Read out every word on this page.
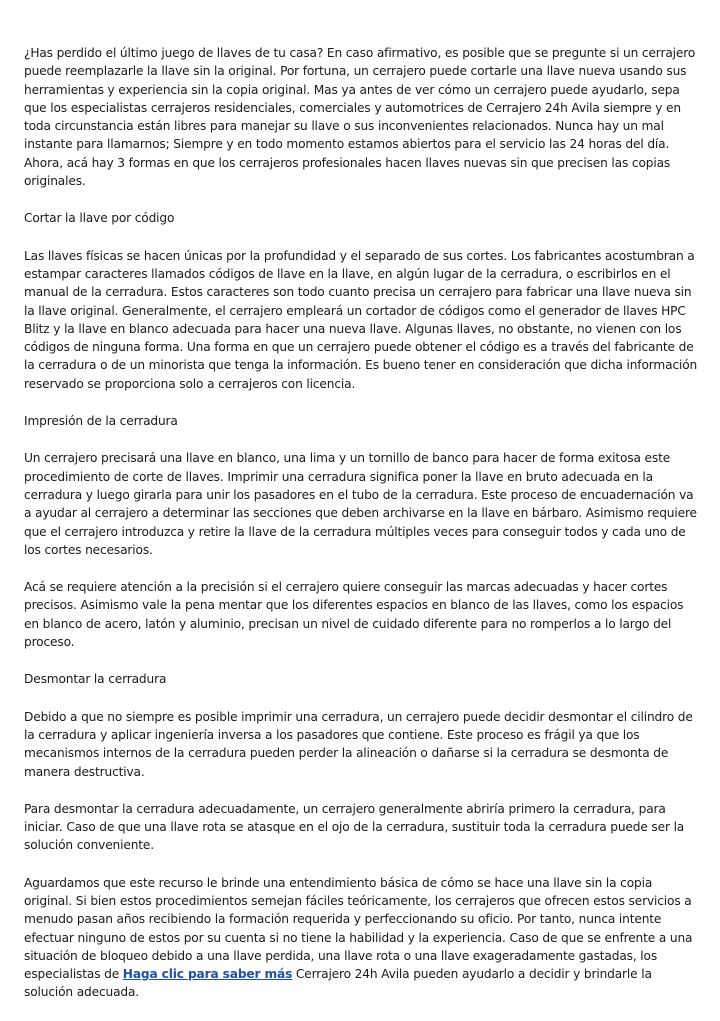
¿Has perdido el último juego de llaves de tu casa? En caso afirmativo, es posible que se pregunte si un cerrajero puede reemplazarle la llave sin la original. Por fortuna, un cerrajero puede cortarle una llave nueva usando sus herramientas y experiencia sin la copia original. Mas ya antes de ver cómo un cerrajero puede ayudarlo, sepa que los especialistas cerrajeros residenciales, comerciales y automotrices de Cerrajero 24h Avila siempre y en toda circunstancia están libres para manejar su llave o sus inconvenientes relacionados. Nunca hay un mal instante para llamarnos; Siempre y en todo momento estamos abiertos para el servicio las 24 horas del día. Ahora, acá hay 3 formas en que los cerrajeros profesionales hacen llaves nuevas sin que precisen las copias originales.

Cortar la llave por código

Las llaves físicas se hacen únicas por la profundidad y el separado de sus cortes. Los fabricantes acostumbran a estampar caracteres llamados códigos de llave en la llave, en algún lugar de la cerradura, o escribirlos en el manual de la cerradura. Estos caracteres son todo cuanto precisa un cerrajero para fabricar una llave nueva sin la llave original. Generalmente, el cerrajero empleará un cortador de códigos como el generador de llaves HPC Blitz y la llave en blanco adecuada para hacer una nueva llave. Algunas llaves, no obstante, no vienen con los códigos de ninguna forma. Una forma en que un cerrajero puede obtener el código es a través del fabricante de la cerradura o de un minorista que tenga la información. Es bueno tener en consideración que dicha información reservado se proporciona solo a cerrajeros con licencia.

Impresión de la cerradura

Un cerrajero precisará una llave en blanco, una lima y un tornillo de banco para hacer de forma exitosa este procedimiento de corte de llaves. Imprimir una cerradura significa poner la llave en bruto adecuada en la cerradura y luego girarla para unir los pasadores en el tubo de la cerradura. Este proceso de encuadernación va a ayudar al cerrajero a determinar las secciones que deben archivarse en la llave en bárbaro. Asimismo requiere que el cerrajero introduzca y retire la llave de la cerradura múltiples veces para conseguir todos y cada uno de los cortes necesarios.

Acá se requiere atención a la precisión si el cerrajero quiere conseguir las marcas adecuadas y hacer cortes precisos. Asimismo vale la pena mentar que los diferentes espacios en blanco de las llaves, como los espacios en blanco de acero, latón y aluminio, precisan un nivel de cuidado diferente para no romperlos a lo largo del proceso.

Desmontar la cerradura

Debido a que no siempre es posible imprimir una cerradura, un cerrajero puede decidir desmontar el cilindro de la cerradura y aplicar ingeniería inversa a los pasadores que contiene. Este proceso es frágil ya que los mecanismos internos de la cerradura pueden perder la alineación o dañarse si la cerradura se desmonta de manera destructiva.

Para desmontar la cerradura adecuadamente, un cerrajero generalmente abriría primero la cerradura, para iniciar. Caso de que una llave rota se atasque en el ojo de la cerradura, sustituir toda la cerradura puede ser la solución conveniente.

Aguardamos que este recurso le brinde una entendimiento básica de cómo se hace una llave sin la copia original. Si bien estos procedimientos semejan fáciles teóricamente, los cerrajeros que ofrecen estos servicios a menudo pasan años recibiendo la formación requerida y perfeccionando su oficio. Por tanto, nunca intente efectuar ninguno de estos por su cuenta si no tiene la habilidad y la experiencia. Caso de que se enfrente a una situación de bloqueo debido a una llave perdida, una llave rota o una llave exageradamente gastadas, los especialistas de Haga clic para saber más Cerrajero 24h Avila pueden ayudarlo a decidir y brindarle la solución adecuada.
